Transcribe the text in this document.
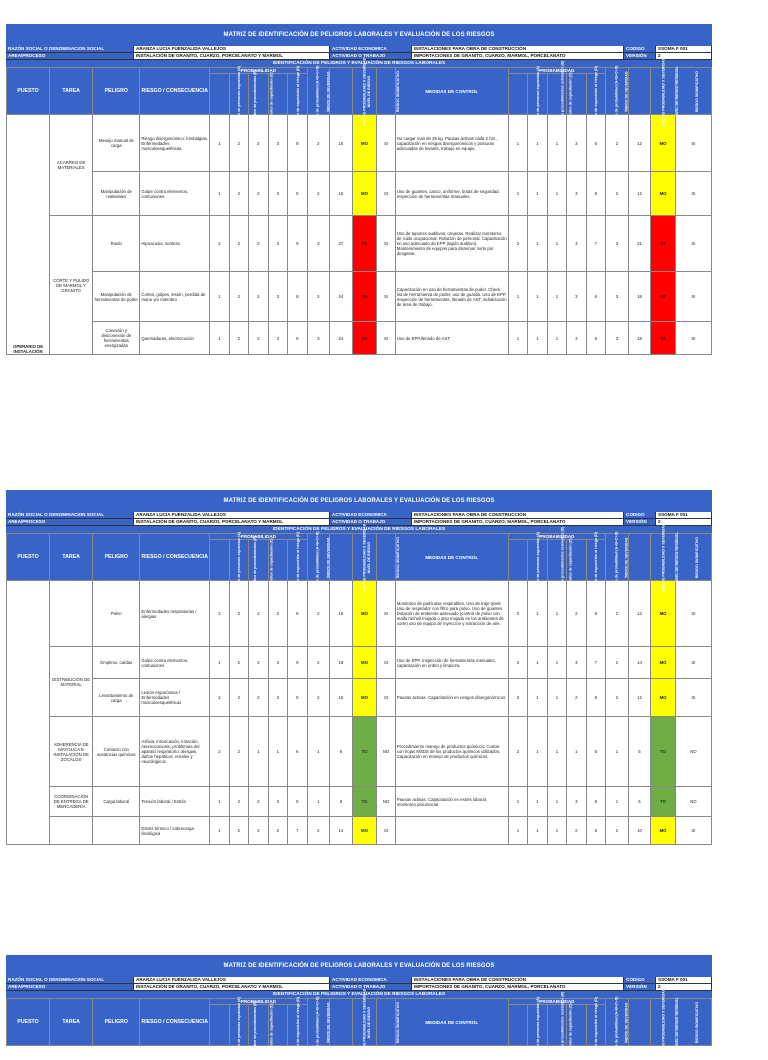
MATRIZ DE IDENTIFICACIÓN DE PELIGROS LABORALES Y EVALUACIÓN DE LOS RIESGOS
RAZÓN SOCIAL O DENOMINACION SOCIAL	ARANZA LUCIA FUENZALIDA VALLEJOS	ACTIVIDAD ECONOMICA	INSTALACIONES PARA OBRA DE CONSTRUCCIÓN	CODIGO	SSOMA F 001
AREA/PROCESO	INSTALACIÓN DE GRANITO, CUARZO, PORCELANATO Y MARMOL	ACTIVIDAD O TRABAJO	IMPORTACIONES DE GRANITO, CUARZO, MARMOL, PORCELANATO	VERSIÓN	2
IDENTIFICACIÓN DE PELIGROS Y EVALUACIÓN DE RIESGOS LABORALES
PUESTO	TAREA	PELIGRO	RIESGO / CONSECUENCIA	PROBABILIDAD					ÍNDICE DE SEVERIDAD	RIESGO PROBABILIDAD X SEVERIDAD	NIVEL DE RIESGO	RIESGO SIGNIFICATIVO	MEDIDAS DE CONTROL	PROBABILIDAD					ÍNDICE DE SEVERIDAD	RIESGO PROBABILIDAD X SEVERIDAD	NIVEL DE RIESGO RESIDUAL	RIESGO SIGNIFICATIVO
				Índice de personas expuestas (A)	Índice de procedimientos (B)	Índice de capacitación (C)	Índice de exposición al riesgo (D)	Índice de probabilidad (A+B+C+D)						Índice de personas expuestas (A)	Índice de procedimientos existentes (B)	Índice de capacitación (C)	Índice de exposición al riesgo (D)	Índice de probabilidad (A+B+C+D)				
OPERARIO DE INSTALACIÓN	ACARREO DE MATERIALES	Manejo manual de carga	Riesgo disergonómico: lumbalgias. Enfermedades musculoesqueléticas.	1	2	2	3	8	2	16	MO	SI	No cargar mas de 25 kg. Pausas activas cada 2 hrs., capacitación en riesgos disergonómicos y posturas adecuadas de levante, trabajo en equipo.	1	1	1	3	6	2	12	MO	SI
		Manipulación de materiales	Golpe contra elementos, contusiones	1	2	2	3	8	2	16	MO	SI	Uso de guantes, casco, uniforme, botas de seguridad. Inspección de herramientas manuales.	1	1	1	3	6	2	12	MO	SI
	CORTE Y PULIDO DE MARMOL Y GRANITO	Ruido	Hipoacusia, sordera.	2	2	2	3	9	3	27	IM	SI	Uso de tapones auditivos, orejeras. Realizar monitoreo de ruido ocupacional. Rotación de personal. Capacitación en uso adecuado de EPP (tapón auditivo). Mantenimiento de equipos para disminuir ruido por desgaste.	2	1	1	3	7	3	21	IM	SI
		Manipulación de herramientas de poder	Cortes, golpes, lesión, perdida de mano y/o miembro	1	2	2	3	8	3	24	IM	SI	Capacitación en uso de herramientas de poder. Check list de herramienta de poder, uso de guarda. Uso de EPP. Inspección de herramientas, llenado de AST, señalización de área de trabajo.	1	1	1	3	6	3	18	IM	SI
		Conexión y desconexión de herramientas energizadas	Quemaduras, electrocución	1	2	2	3	8	3	24	IM	SI	Uso de EPP,llenado de AST	1	1	1	3	6	3	18	IM	SI
MATRIZ DE IDENTIFICACIÓN DE PELIGROS LABORALES Y EVALUACIÓN DE LOS RIESGOS
RAZÓN SOCIAL O DENOMINACION SOCIAL	ARANZA LUCIA FUENZALIDA VALLEJOS	ACTIVIDAD ECONOMICA	INSTALACIONES PARA OBRA DE CONSTRUCCIÓN	CODIGO	SSOMA F 001
AREA/PROCESO	INSTALACIÓN DE GRANITO, CUARZO, PORCELANATO Y MARMOL	ACTIVIDAD O TRABAJO	IMPORTACIONES DE GRANITO, CUARZO, MARMOL, PORCELANATO	VERSIÓN	2
IDENTIFICACIÓN DE PELIGROS Y EVALUACIÓN DE RIESGOS LABORALES
PUESTO	TAREA	PELIGRO	RIESGO / CONSECUENCIA	PROBABILIDAD					ÍNDICE DE SEVERIDAD	RIESGO PROBABILIDAD X SEVERIDAD	NIVEL DE RIESGO	RIESGO SIGNIFICATIVO	MEDIDAS DE CONTROL	PROBABILIDAD					ÍNDICE DE SEVERIDAD	RIESGO PROBABILIDAD X SEVERIDAD	NIVEL DE RIESGO RESIDUAL	RIESGO SIGNIFICATIVO
				Índice de personas expuestas (A)	Índice de procedimientos (B)	Índice de capacitación (C)	Índice de exposición al riesgo (D)	Índice de probabilidad (A+B+C+D)						Índice de personas expuestas (A)	Índice de procedimientos existentes (B)	Índice de capacitación (C)	Índice de exposición al riesgo (D)	Índice de probabilidad (A+B+C+D)				
		Polvo	Enfermedades respiratorias / alergias	2	2	2	2	8	2	16	MO	SI	Monitoreo de partículas respirables. Uso de traje tyvek. Uso de respirador con filtro para polvo. Uso de guantes. Dotación de ambiente adecuado (control de polvo con malla rachell mojada o piso mojado en los ambientes de corte) uso de equipo de inyección y extracción de aire.	2	1	1	2	6	2	12	MO	SI
	DISTRIBUCIÓN DE MATERIAL	Empleso, caídas	Golpe contra elementos, contusiones	1	2	2	3	9	2	18	MO	SI	Uso de EPP. Inspección de herramientas manuales, capacitación en orden y limpieza.	2	1	1	3	7	2	14	MO	SI
		Levantamiento de carga	Lesión ergonómica / Enfermedades musculoesqueléticas	2	2	2	2	8	2	16	MO	SI	Pausas activas. Capacitación en riesgos disergonómicos	2	1	1	2	6	2	12	MO	SI
	ADHERENCIA DE MAYOLICA E INSTALACIÓN DE ZÓCALOS	Contacto con sustancias químicas	Asfixia, intoxicación, irritación, neumoconiosis, problemas del aparato respiratorio, alergias, daños hepáticos, renales y neurológicos	2	2	1	1	6	1	6	TO	NO	Procedimiento manejo de productos químicos. Contar con hojas MSDS de los productos químicos utilizados. Capacitación en manejo de productos químicos.	2	1	1	1	5	1	5	TO	NO
	COORDINACIÓN DE ENTREGA DE MERCADERÍA	Carga laboral	Tensión laboral / Estrés	1	2	2	3	8	1	8	TO	NO	Pausas activas. Capacitación en estrés laboral, monitoreo psicosocial	1	1	1	3	6	1	6	TO	NO
			Estrés térmico / sobrecarga fisiológica	1	2	2	2	7	2	14	MO	SI		1	1	1	2	5	2	10	MO	SI
MATRIZ DE IDENTIFICACIÓN DE PELIGROS LABORALES Y EVALUACIÓN DE LOS RIESGOS
RAZÓN SOCIAL O DENOMINACION SOCIAL	ARANZA LUCIA FUENZALIDA VALLEJOS	ACTIVIDAD ECONOMICA	INSTALACIONES PARA OBRA DE CONSTRUCCIÓN	CODIGO	SSOMA F 001
AREA/PROCESO	INSTALACIÓN DE GRANITO, CUARZO, PORCELANATO Y MARMOL	ACTIVIDAD O TRABAJO	IMPORTACIONES DE GRANITO, CUARZO, MARMOL, PORCELANATO	VERSIÓN	2
IDENTIFICACIÓN DE PELIGROS Y EVALUACIÓN DE RIESGOS LABORALES
PUESTO	TAREA	PELIGRO	RIESGO / CONSECUENCIA	PROBABILIDAD					ÍNDICE DE SEVERIDAD	RIESGO PROBABILIDAD X SEVERIDAD	NIVEL DE RIESGO	RIESGO SIGNIFICATIVO	MEDIDAS DE CONTROL	PROBABILIDAD					ÍNDICE DE SEVERIDAD	RIESGO PROBABILIDAD X SEVERIDAD	NIVEL DE RIESGO RESIDUAL	RIESGO SIGNIFICATIVO
				Índice de personas expuestas (A)	Índice de procedimientos (B)	Índice de capacitación (C)	Índice de exposición al riesgo (D)	Índice de probabilidad (A+B+C+D)						Índice de personas expuestas (A)	Índice de procedimientos existentes (B)	Índice de capacitación (C)	Índice de exposición al riesgo (D)	Índice de probabilidad (A+B+C+D)				
